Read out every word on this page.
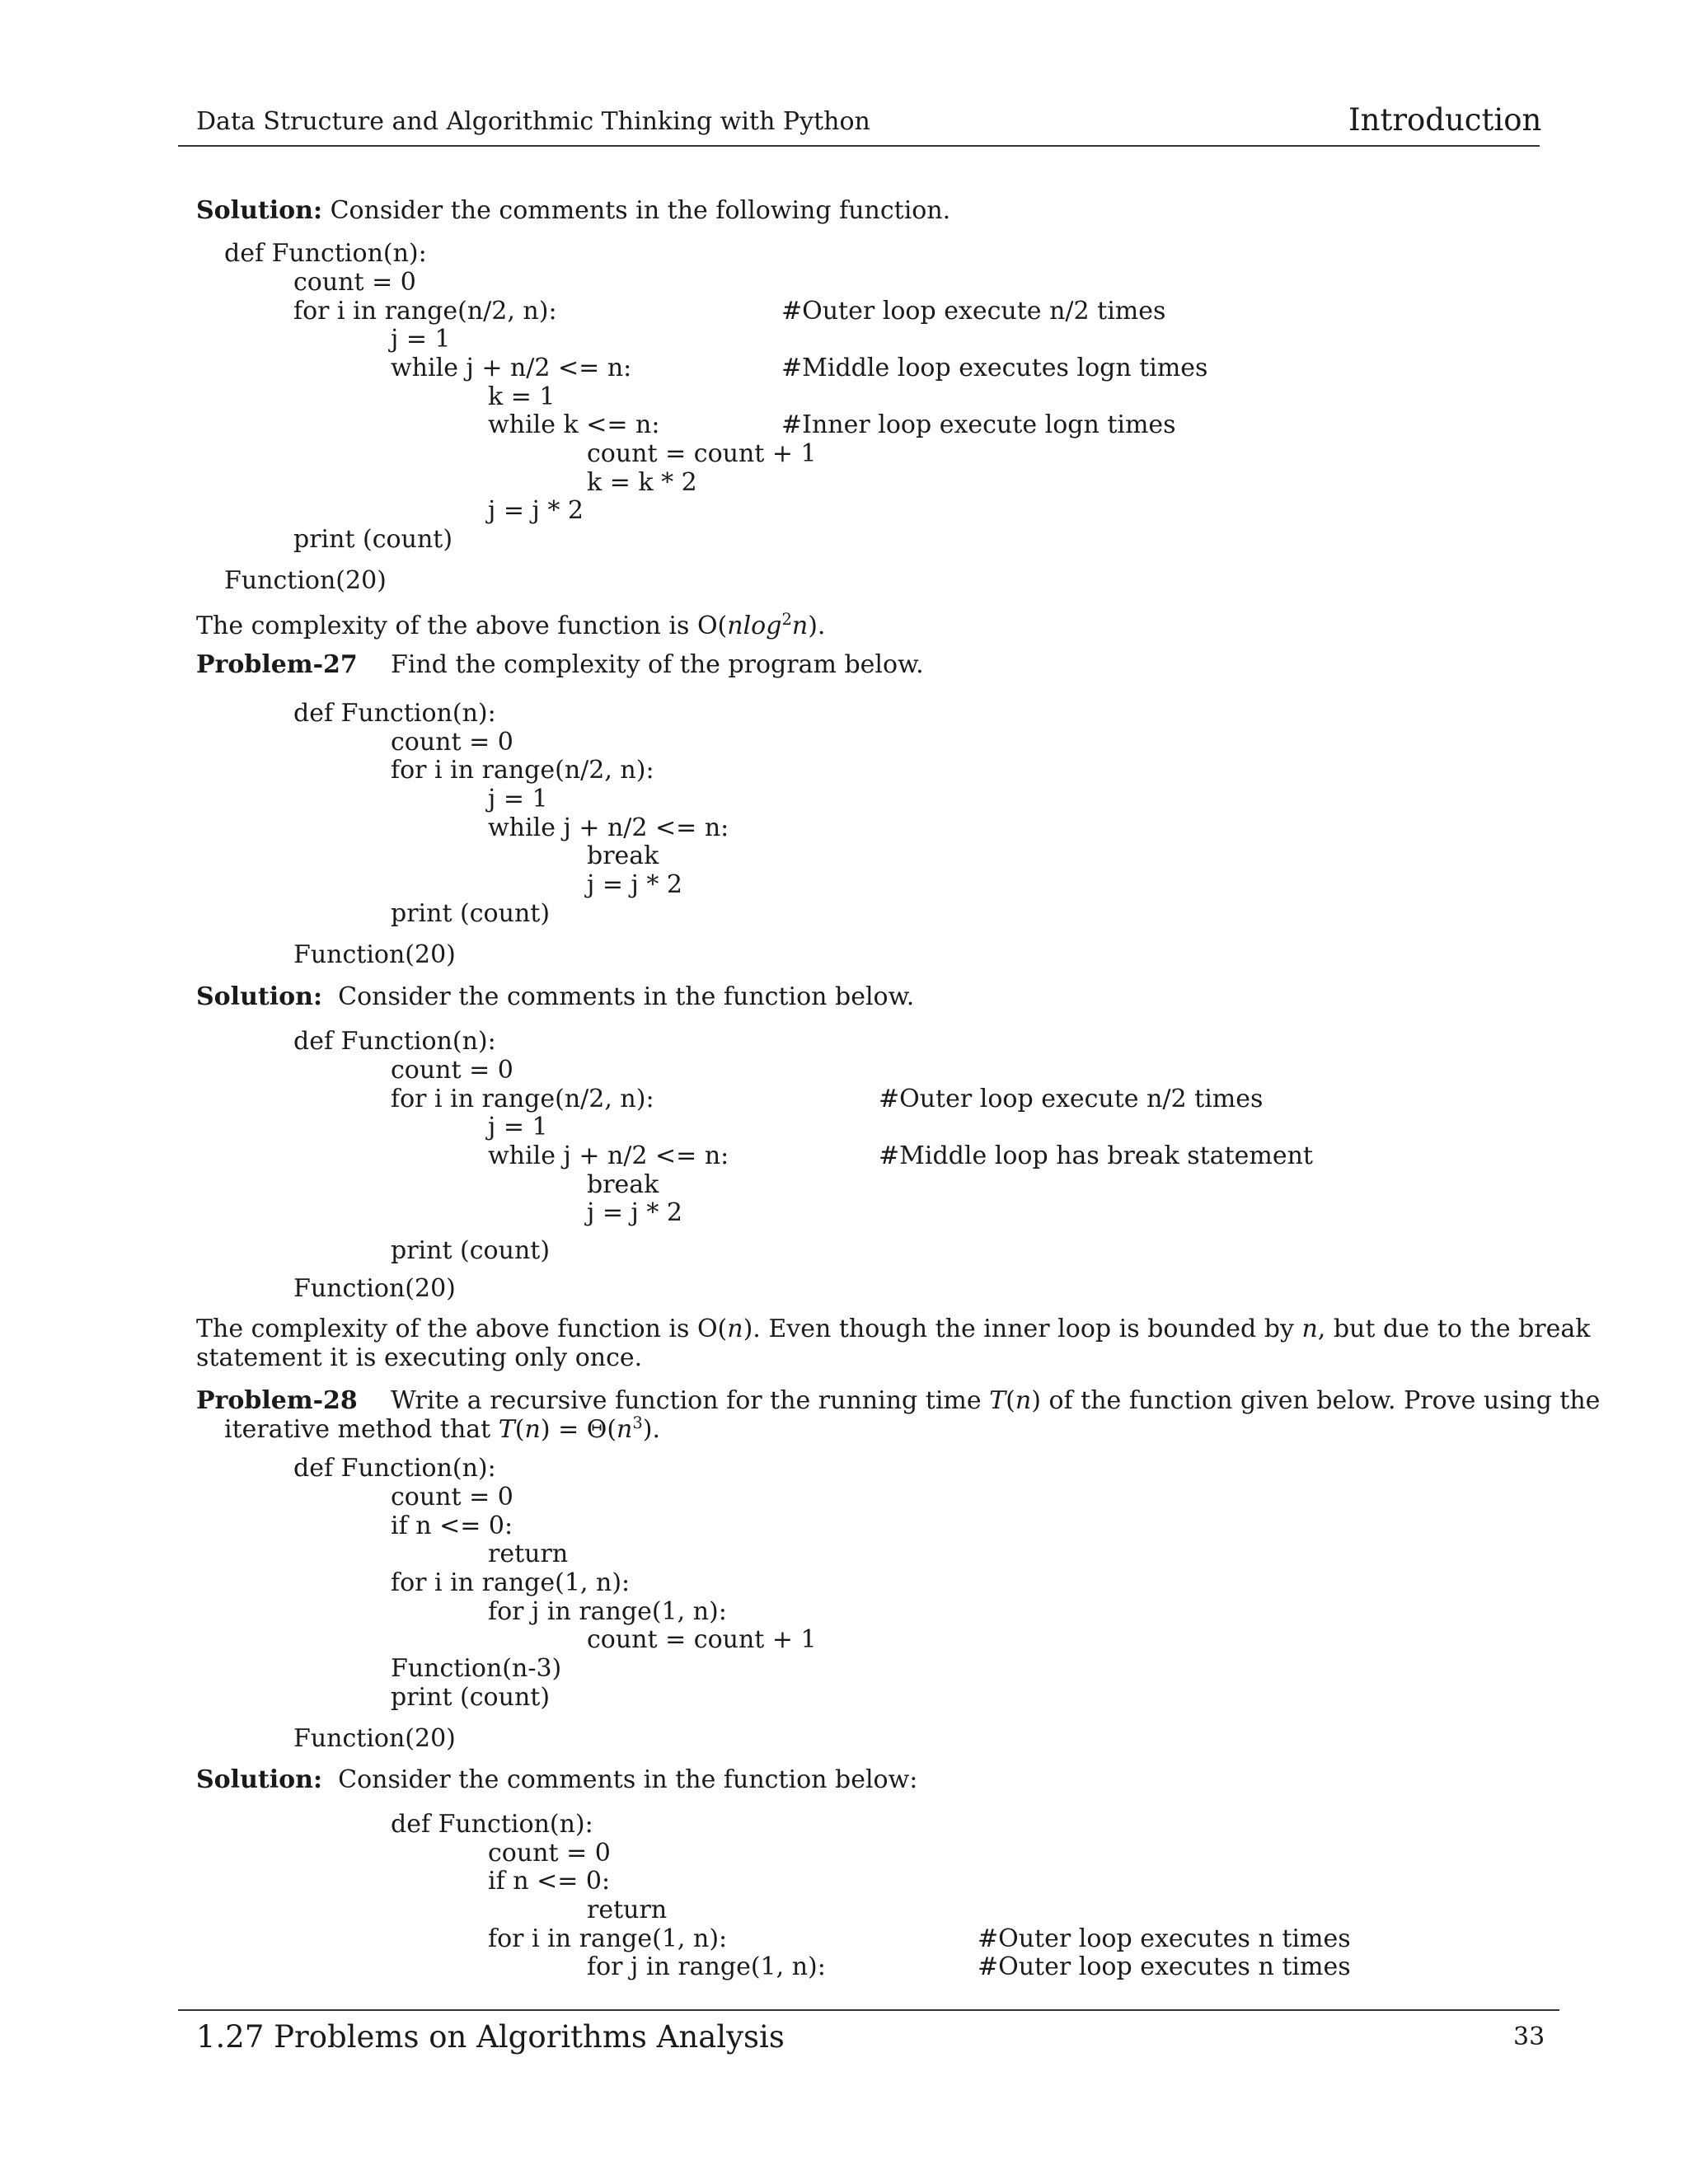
Data Structure and Algorithmic Thinking with Python	Introduction
Solution: Consider the comments in the following function.
def Function(n):
count = 0
for i in range(n/2, n):
j = 1
while j + n/2 <= n:
k = 1
while k <= n:
count = count + 1
k = k * 2
j = j * 2
print (count)
Function(20)
#Outer loop execute n/2 times
#Middle loop executes logn times
#Inner loop execute logn times
The complexity of the above function is O(nlog$^2$n).
Problem-27 Find the complexity of the program below.
def Function(n):
count = 0
for i in range(n/2, n):
j = 1
while j + n/2 <= n:
break
j = j * 2
print (count)
Function(20)
Solution:  Consider the comments in the function below.
def Function(n):
count = 0
for i in range(n/2, n):
j = 1
while j + n/2 <= n:
break
j = j * 2
print (count)
Function(20)
#Outer loop execute n/2 times
#Middle loop has break statement
The complexity of the above function is O(n). Even though the inner loop is bounded by n, but due to the break
statement it is executing only once.
Problem-28 Write a recursive function for the running time T(n) of the function given below. Prove using the
iterative method that $T(n) = \Theta(n^3)$.
def Function(n):
count = 0
if n <= 0:
return
for i in range(1, n):
for j in range(1, n):
count = count + 1
Function(n-3)
print (count)
Function(20)
Solution:  Consider the comments in the function below:
def Function(n):
count = 0
if n <= 0:
return
for i in range(1, n):
for j in range(1, n):
#Outer loop executes n times
#Outer loop executes n times
1.27 Problems on Algorithms Analysis	33
